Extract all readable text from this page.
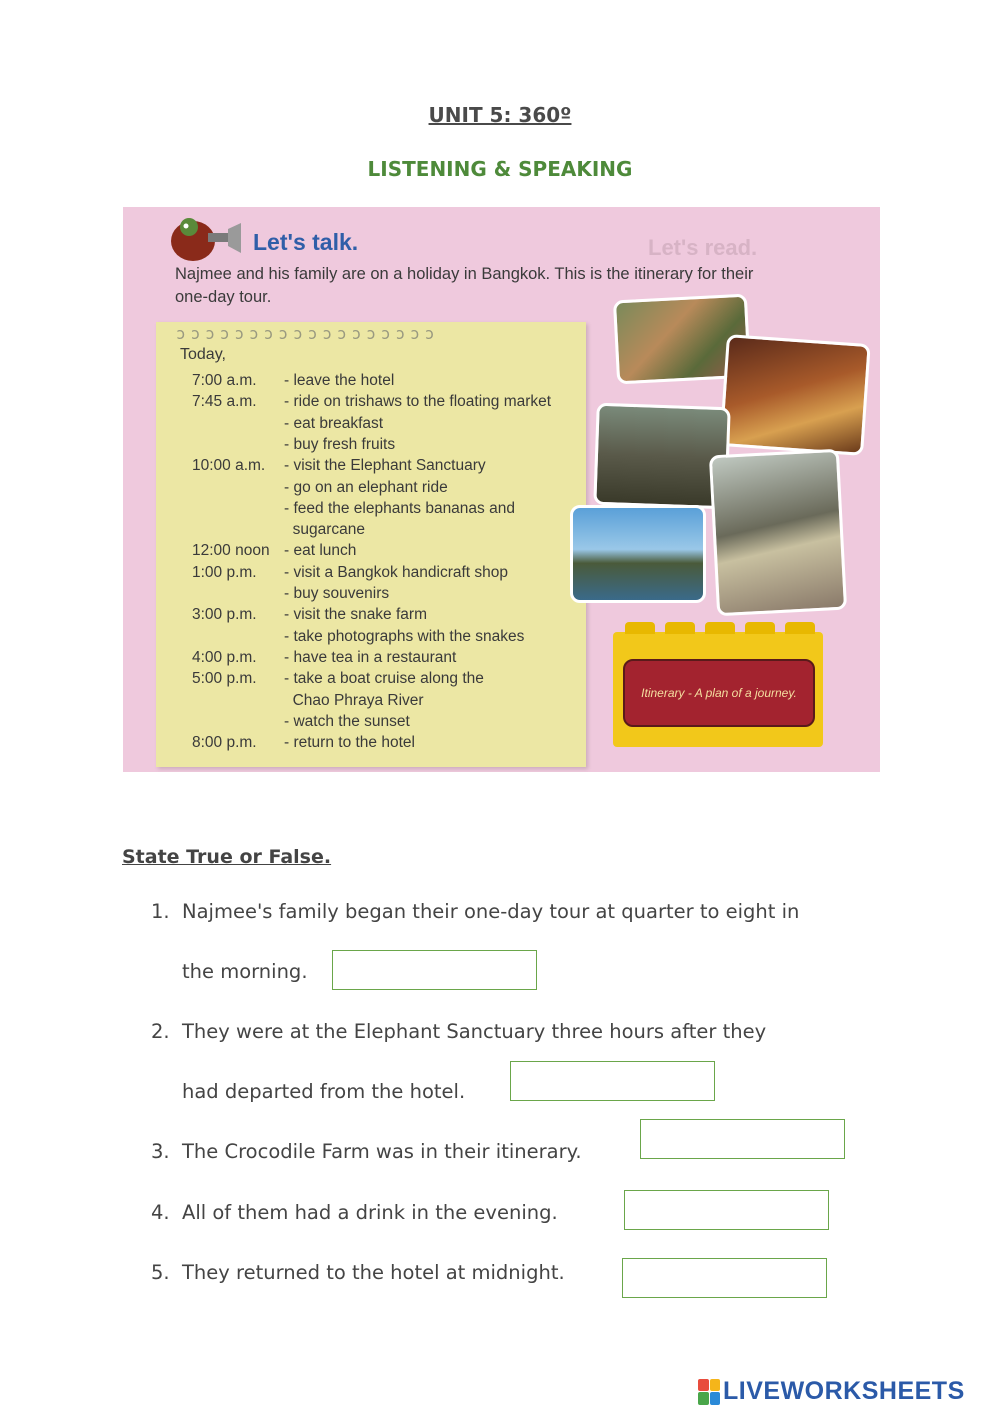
UNIT 5: 360º
LISTENING & SPEAKING
Let's read.
Let's talk.
Najmee and his family are on a holiday in Bangkok. This is the itinerary for their one-day tour.
ɔɔɔɔɔɔɔɔɔɔɔɔɔɔɔɔɔɔ
Today,
7:00 a.m.	- leave the hotel
7:45 a.m.	- ride on trishaws to the floating market
- eat breakfast
- buy fresh fruits
10:00 a.m.	- visit the Elephant Sanctuary
- go on an elephant ride
- feed the elephants bananas and
sugarcane
12:00 noon - eat lunch
1:00 p.m.	- visit a Bangkok handicraft shop
- buy souvenirs
3:00 p.m.	- visit the snake farm
- take photographs with the snakes
4:00 p.m.	- have tea in a restaurant
5:00 p.m.	- take a boat cruise along the
Chao Phraya River
- watch the sunset
8:00 p.m.	- return to the hotel
Itinerary - A plan of a journey.
State True or False.
1. Najmee's family began their one-day tour at quarter to eight in
the morning.
2. They were at the Elephant Sanctuary three hours after they
had departed from the hotel.
3. The Crocodile Farm was in their itinerary.
4. All of them had a drink in the evening.
5. They returned to the hotel at midnight.
LIVEWORKSHEETS
